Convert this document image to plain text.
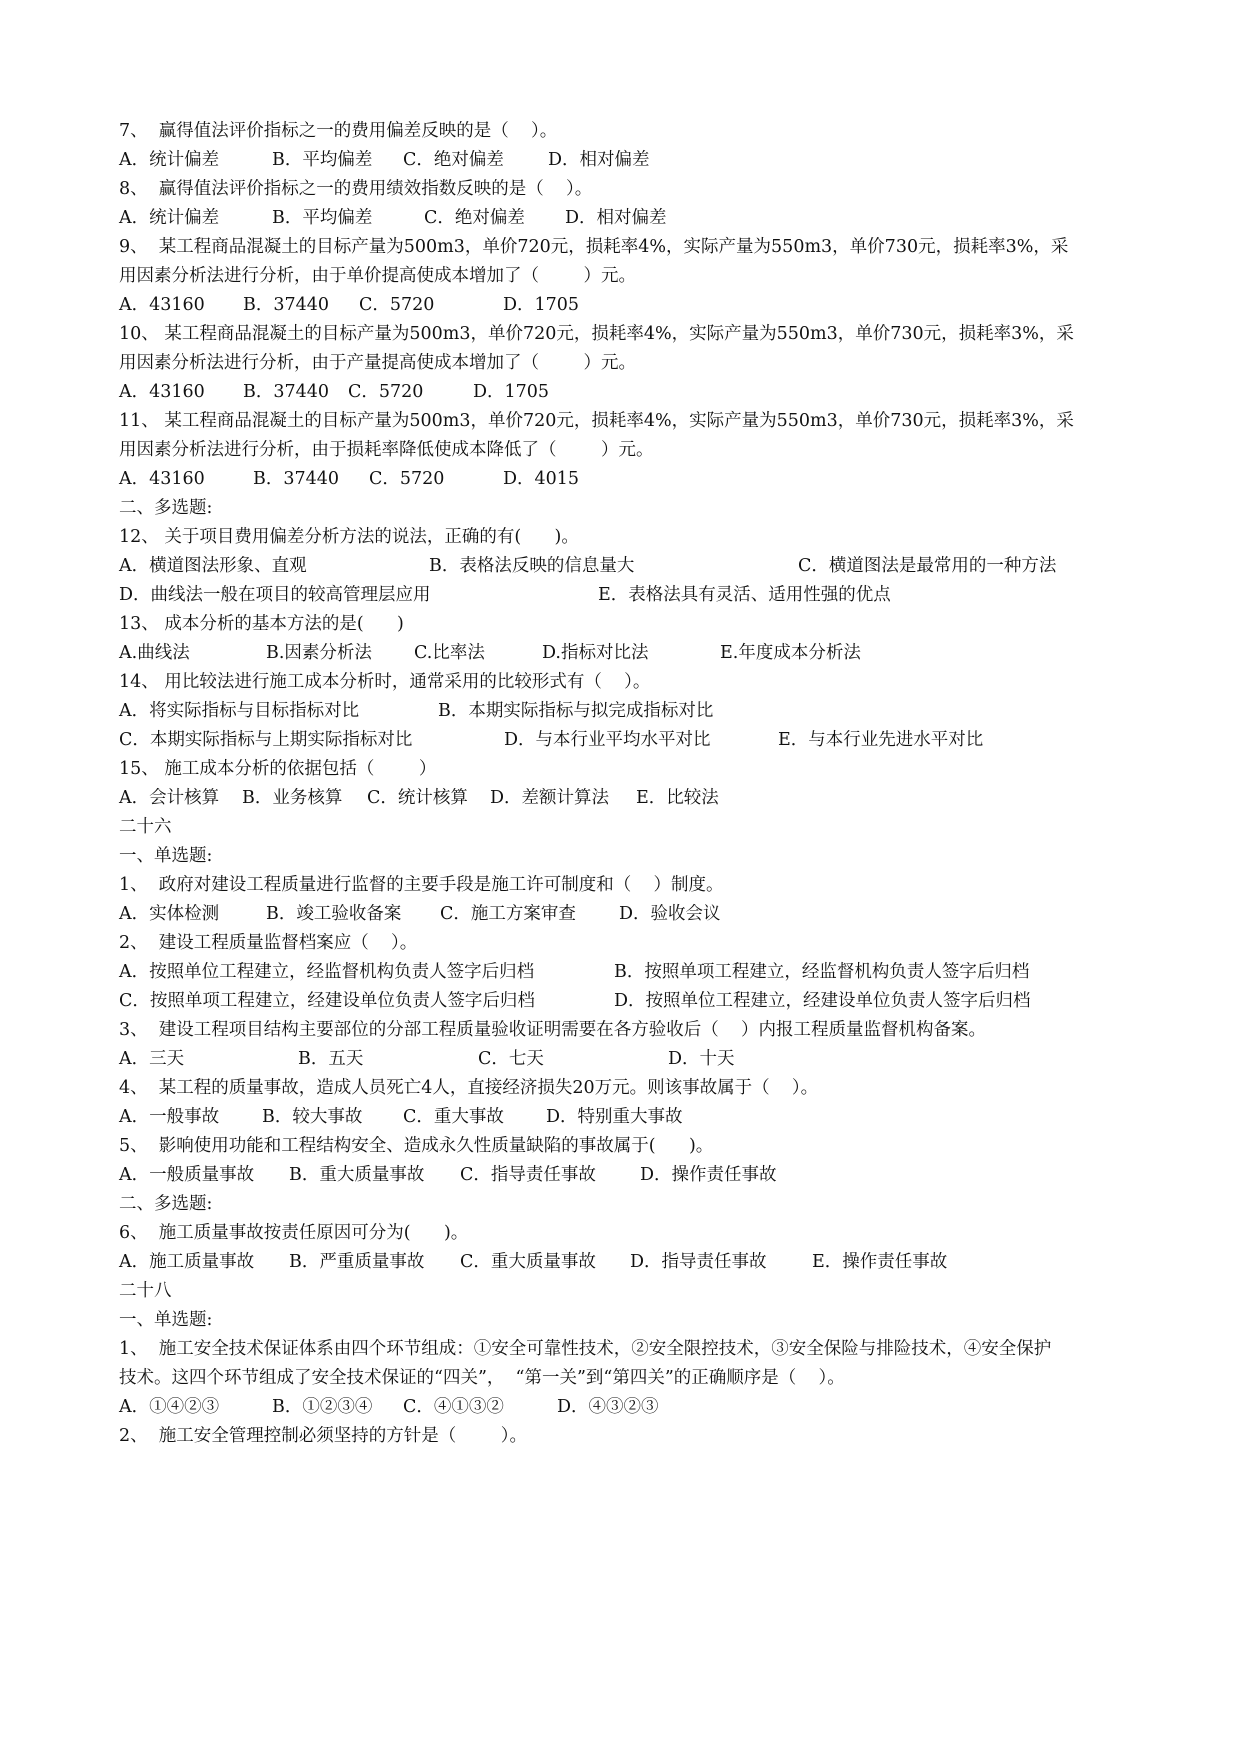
7、  赢得值法评价指标之一的费用偏差反映的是（    ）。
A．统计偏差	B．平均偏差 C．绝对偏差	D．相对偏差
8、  赢得值法评价指标之一的费用绩效指数反映的是（    ）。
A．统计偏差	B．平均偏差	C．绝对偏差 D．相对偏差
9、  某工程商品混凝土的目标产量为500m3，单价720元，损耗率4%，实际产量为550m3，单价730元，损耗率3%，采
用因素分析法进行分析，由于单价提高使成本增加了（        ）元。
A．43160 B．37440 C．5720	D．1705
10、 某工程商品混凝土的目标产量为500m3，单价720元，损耗率4%，实际产量为550m3，单价730元，损耗率3%，采
用因素分析法进行分析，由于产量提高使成本增加了（        ）元。
A．43160 B．37440 C．5720	D．1705
11、 某工程商品混凝土的目标产量为500m3，单价720元，损耗率4%，实际产量为550m3，单价730元，损耗率3%，采
用因素分析法进行分析，由于损耗率降低使成本降低了（        ）元。
A．43160	B．37440 C．5720	D．4015
二、多选题:
12、 关于项目费用偏差分析方法的说法，正确的有(      )。
A．横道图法形象、直观	B．表格法反映的信息量大	C．横道图法是最常用的一种方法
D．曲线法一般在项目的较高管理层应用	E．表格法具有灵活、适用性强的优点
13、 成本分析的基本方法的是(      )
A.曲线法	B.因素分析法 C.比率法	D.指标对比法	E.年度成本分析法
14、 用比较法进行施工成本分析时，通常采用的比较形式有（    ）。
A．将实际指标与目标指标对比	B．本期实际指标与拟完成指标对比
C．本期实际指标与上期实际指标对比	D．与本行业平均水平对比	E．与本行业先进水平对比
15、 施工成本分析的依据包括（        ）
A．会计核算 B．业务核算 C．统计核算 D．差额计算法 E．比较法
二十六
一、单选题:
1、  政府对建设工程质量进行监督的主要手段是施工许可制度和（    ）制度。
A．实体检测	B．竣工验收备案 C．施工方案审查 D．验收会议
2、  建设工程质量监督档案应（    ）。
A．按照单位工程建立，经监督机构负责人签字后归档	B．按照单项工程建立，经监督机构负责人签字后归档
C．按照单项工程建立，经建设单位负责人签字后归档	D．按照单位工程建立，经建设单位负责人签字后归档
3、  建设工程项目结构主要部位的分部工程质量验收证明需要在各方验收后（    ）内报工程质量监督机构备案。
A．三天	B．五天	C．七天	D．十天
4、  某工程的质量事故，造成人员死亡4人，直接经济损失20万元。则该事故属于（    ）。
A．一般事故 B．较大事故 C．重大事故 D．特别重大事故
5、  影响使用功能和工程结构安全、造成永久性质量缺陷的事故属于(      )。
A．一般质量事故 B．重大质量事故 C．指导责任事故	D．操作责任事故
二、多选题:
6、  施工质量事故按责任原因可分为(      )。
A．施工质量事故 B．严重质量事故 C．重大质量事故 D．指导责任事故	E．操作责任事故
二十八
一、单选题:
1、  施工安全技术保证体系由四个环节组成：①安全可靠性技术，②安全限控技术，③安全保险与排险技术，④安全保护
技术。这四个环节组成了安全技术保证的“四关”，  “第一关”到“第四关”的正确顺序是（    ）。
A．①④②③	B．①②③④ C．④①③②	D．④③②③
2、  施工安全管理控制必须坚持的方针是（        ）。
